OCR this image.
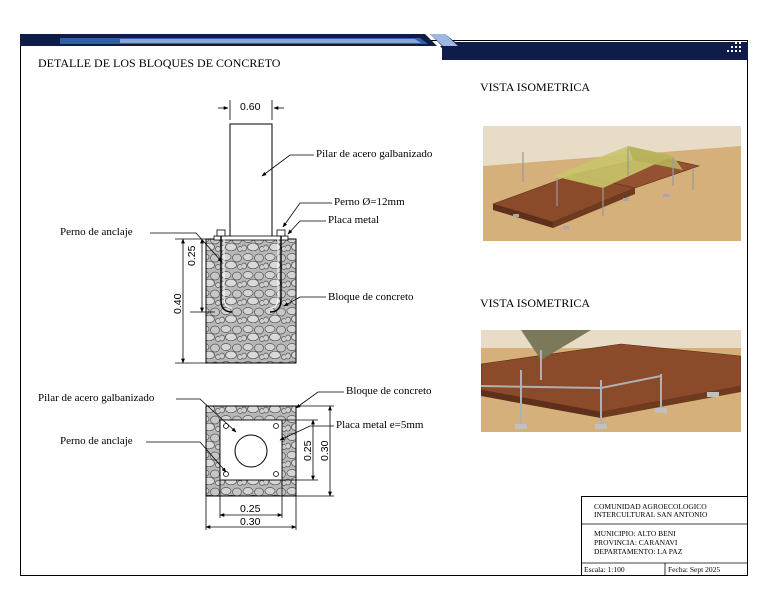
DETALLE DE LOS BLOQUES DE CONCRETO
VISTA ISOMETRICA
VISTA ISOMETRICA
0.60
0.25
0.40
Pilar de acero galbanizado
Perno Ø=12mm
Placa metal
Perno de anclaje
Bloque de concreto
Pilar de acero galbanizado
Bloque de concreto
Placa metal e=5mm
Perno de anclaje
0.25
0.30
0.25 0.30
COMUNIDAD AGROECOLOGICO
INTERCULTURAL SAN ANTONIO
MUNICIPIO: ALTO BENI
PROVINCIA: CARANAVI
DEPARTAMENTO: LA PAZ
Escala: 1:100	Fecha: Sept 2025
